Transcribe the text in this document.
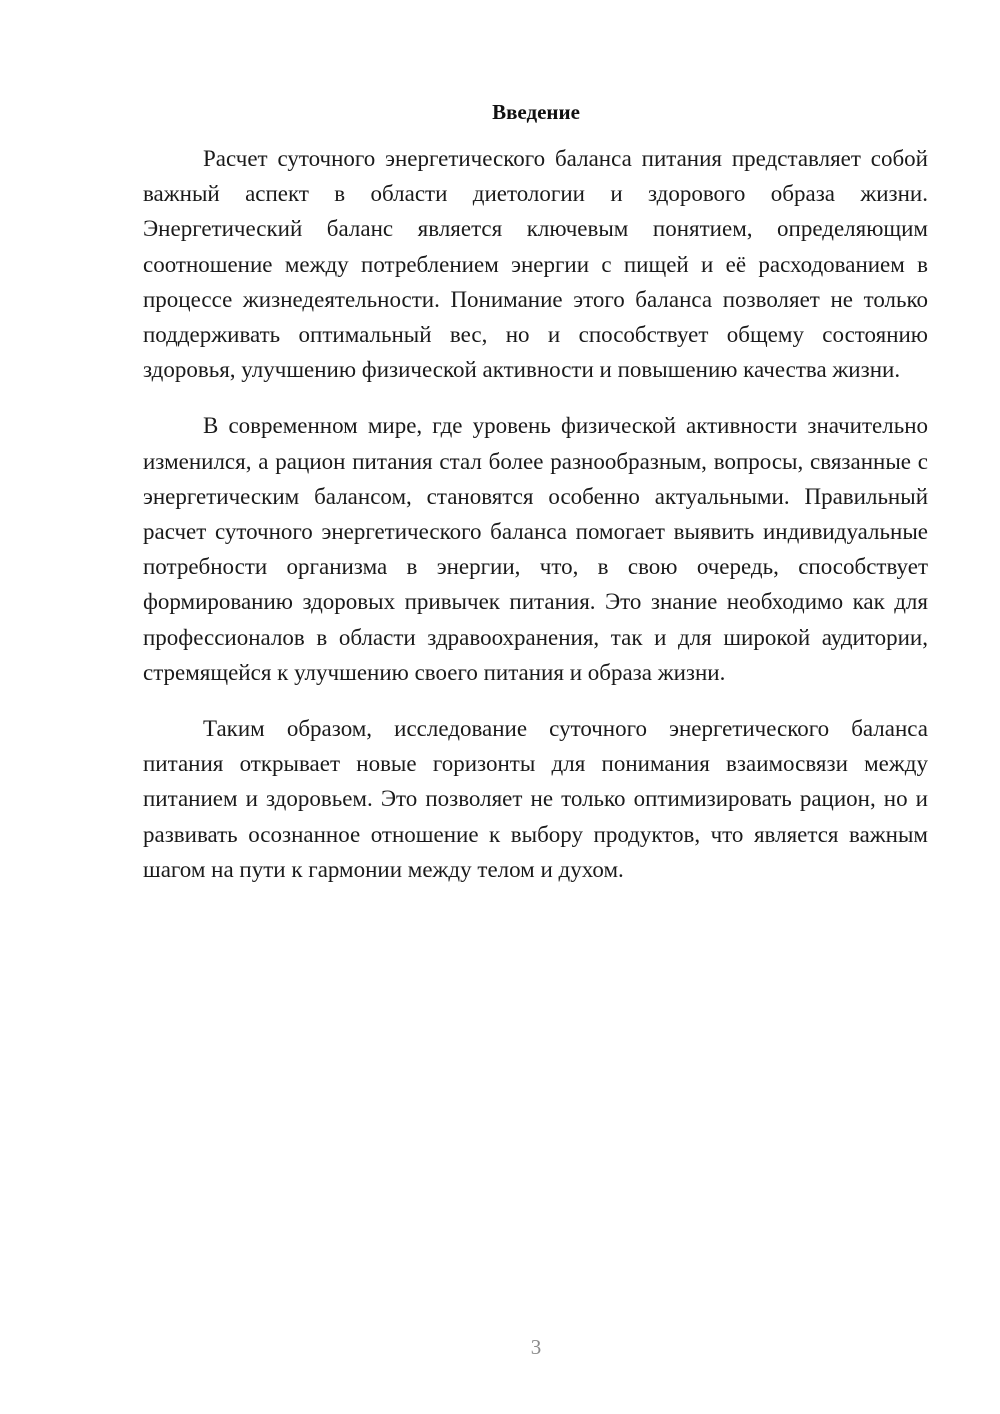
Введение

Расчет суточного энергетического баланса питания представляет собой важный аспект в области диетологии и здорового образа жизни. Энергетический баланс является ключевым понятием, определяющим соотношение между потреблением энергии с пищей и её расходованием в процессе жизнедеятельности. Понимание этого баланса позволяет не только поддерживать оптимальный вес, но и способствует общему состоянию здоровья, улучшению физической активности и повышению качества жизни.

В современном мире, где уровень физической активности значительно изменился, а рацион питания стал более разнообразным, вопросы, связанные с энергетическим балансом, становятся особенно актуальными. Правильный расчет суточного энергетического баланса помогает выявить индивидуальные потребности организма в энергии, что, в свою очередь, способствует формированию здоровых привычек питания. Это знание необходимо как для профессионалов в области здравоохранения, так и для широкой аудитории, стремящейся к улучшению своего питания и образа жизни.

Таким образом, исследование суточного энергетического баланса питания открывает новые горизонты для понимания взаимосвязи между питанием и здоровьем. Это позволяет не только оптимизировать рацион, но и развивать осознанное отношение к выбору продуктов, что является важным шагом на пути к гармонии между телом и духом.

3
